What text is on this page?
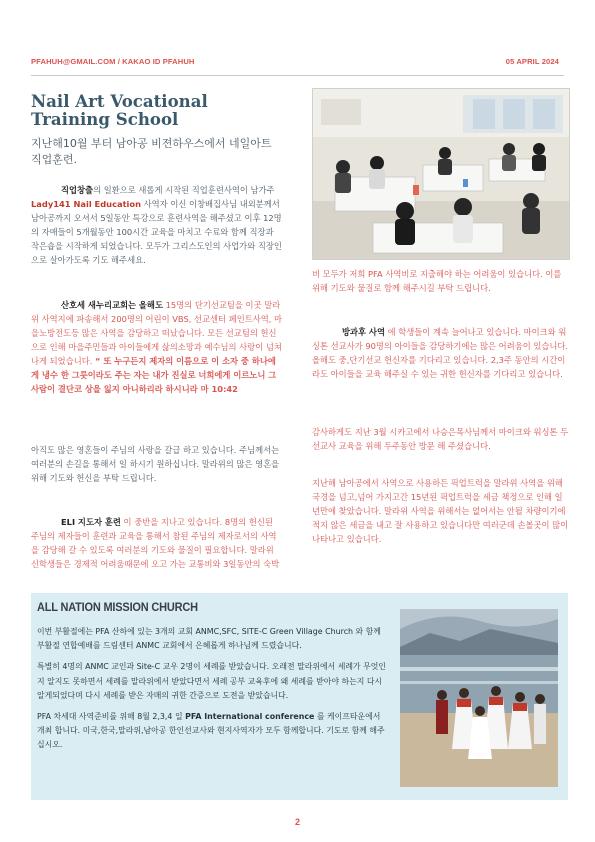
PFAHUH@GMAIL.COM / KAKAO ID PFAHUH	05 APRIL 2024
Nail Art Vocational
Training School
지난해10월 부터 남아공 비젼하우스에서 네일아트 직업훈련.

직업창출의 일환으로 새롭게 시작된 직업훈련사역이 남가주 Lady141 Nail Education 사역자 이신 이창배집사님 내외분께서 남아공까지 오셔서 5일동안 특강으로 훈련사역을 해주셨고 이후 12명의 자매들이 5개월동안 100시간 교육을 마치고 수료와 함께 직장과 작은숍을 시작하게 되었습니다. 모두가 그리스도인의 사업가와 직장인으로 살아가도록 기도 해주세요.

산호세 새누리교회는 올해도 15명의 단기선교팀을 이곳 말라위 사역지에 파송해서 200명의 어린이 VBS, 선교센터 페인트사역, 마을노방전도등 많은 사역을 감당하고 떠났습니다. 모든 선교팀의 헌신으로 인해 마을주민들과 아이들에게 삶의소망과 예수님의 사랑이 넘쳐나게 되었습니다. “ 또 누구든지 제자의 이름으로 이 소자 중 하나에게 냉수 한 그릇이라도 주는 자는 내가 진실로 너희에게 이르노니 그 사람이 결단코 상을 잃지 아니하리라 하시니라 마 10:42

아직도 많은 영혼들이 주님의 사랑을 갈급 하고 있습니다. 주님께서는 여러분의 손길을 통해서 일 하시기 원하십니다. 말라위의 많은 영혼을 위해 기도와 헌신을 부탁 드립니다.

ELI 지도자 훈련 이 중반을 지나고 있습니다. 8명의 헌신된 주님의 제자들이 훈련과 교육을 통해서 참된 주님의 제자로서의 사역을 감당해 갈 수 있도록 여러분의 기도와 물질이 필요합니다. 말라위 신학생들은 경제적 어려움때문에 오고 가는 교통비와 3일동안의 숙박

비 모두가 저희 PFA 사역비로 지출해야 하는 어려움이 있습니다. 이를 위해 기도와 물질로 함께 해주시길 부탁 드립니다.

방과후 사역 에 학생들이 계속 늘어나고 있습니다. 마이크와 워싱톤 선교사가 90명의 아이들을 감당하기에는 많은 어려움이 있습니다. 올해도 중,단기선교 헌신자를 기다리고 있습니다. 2,3주 동안의 시간이라도 아이들을 교육 해주실 수 있는 귀한 헌신자를 기다리고 있습니다.

감사하게도 지난 3월 시카고에서 나승은목사님께서 마이크와 워싱톤 두선교사 교육을 위해 두주동안 방문 해 주셨습니다.

지난해 남아공에서 사역으로 사용하든 픽업트럭을 말라위 사역을 위해 국경을 넘고,넘어 가지고간 15년된 픽업트럭을 세금 책정으로 인해 일년만에 찾았습니다. 말라위 사역을 위해서는 없어서는 안될 차량이기에 적지 않은 세금을 내고 잘 사용하고 있습니다만 여러군데 손볼곳이 많이 나타나고 있습니다.

ALL NATION MISSION CHURCH

이번 부활절에는 PFA 산하에 있는 3개의 교회 ANMC,SFC, SITE-C Green Village Church 와 함께 부활절 연합예배를 드림센터 ANMC 교회에서 은혜롭게 하나님께 드렸습니다.

특별히 4명의 ANMC 교인과 Site-C 교우 2명이 세례를 받았습니다. 오래전 말라위에서 세례가 무엇인지 알지도 못하면서 세례를 말라위에서 받았다면서 세례 공부 교육후에 왜 세례를 받아야 하는지 다시 알게되었다며 다시 세례를 받은 자매의 귀한 간증으로 도전을 받았습니다.

PFA 차세대 사역준비를 위해 8월 2,3,4 일 PFA International conference 를 케이프타운에서 개최 합니다. 미국,한국,말라위,남아공 한인선교사와 현지사역자가 모두 함께합니다. 기도로 함께 해주십시오.

2
